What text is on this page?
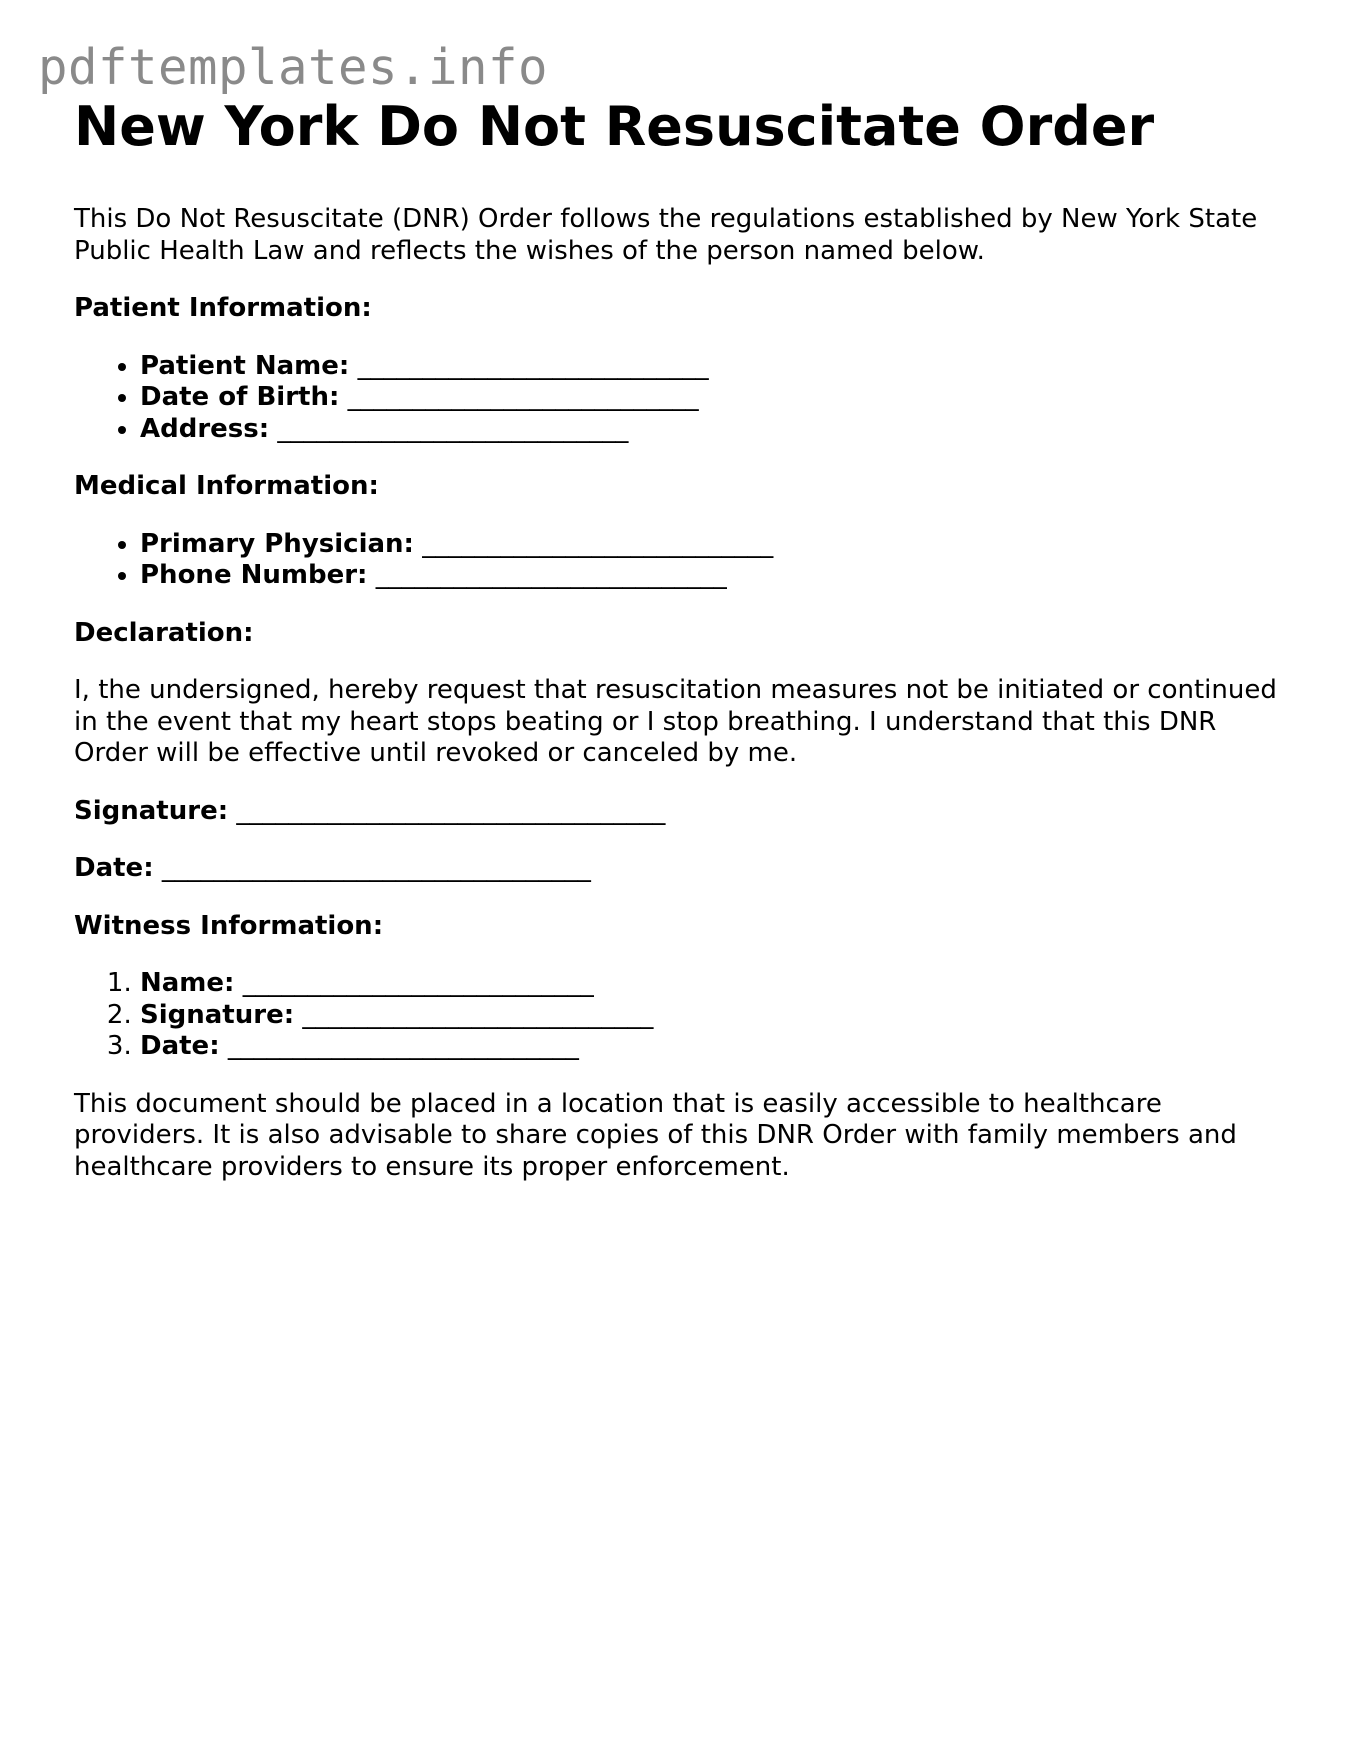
pdftemplates.info
New York Do Not Resuscitate Order

This Do Not Resuscitate (DNR) Order follows the regulations established by New York State Public Health Law and reflects the wishes of the person named below.

Patient Information:

• Patient Name: ___________________________
• Date of Birth: ___________________________
• Address: ___________________________

Medical Information:

• Primary Physician: ___________________________
• Phone Number: ___________________________

Declaration:

I, the undersigned, hereby request that resuscitation measures not be initiated or continued in the event that my heart stops beating or I stop breathing. I understand that this DNR Order will be effective until revoked or canceled by me.

Signature: _________________________________

Date: _________________________________

Witness Information:

1. Name: ___________________________
2. Signature: ___________________________
3. Date: ___________________________

This document should be placed in a location that is easily accessible to healthcare providers. It is also advisable to share copies of this DNR Order with family members and healthcare providers to ensure its proper enforcement.
